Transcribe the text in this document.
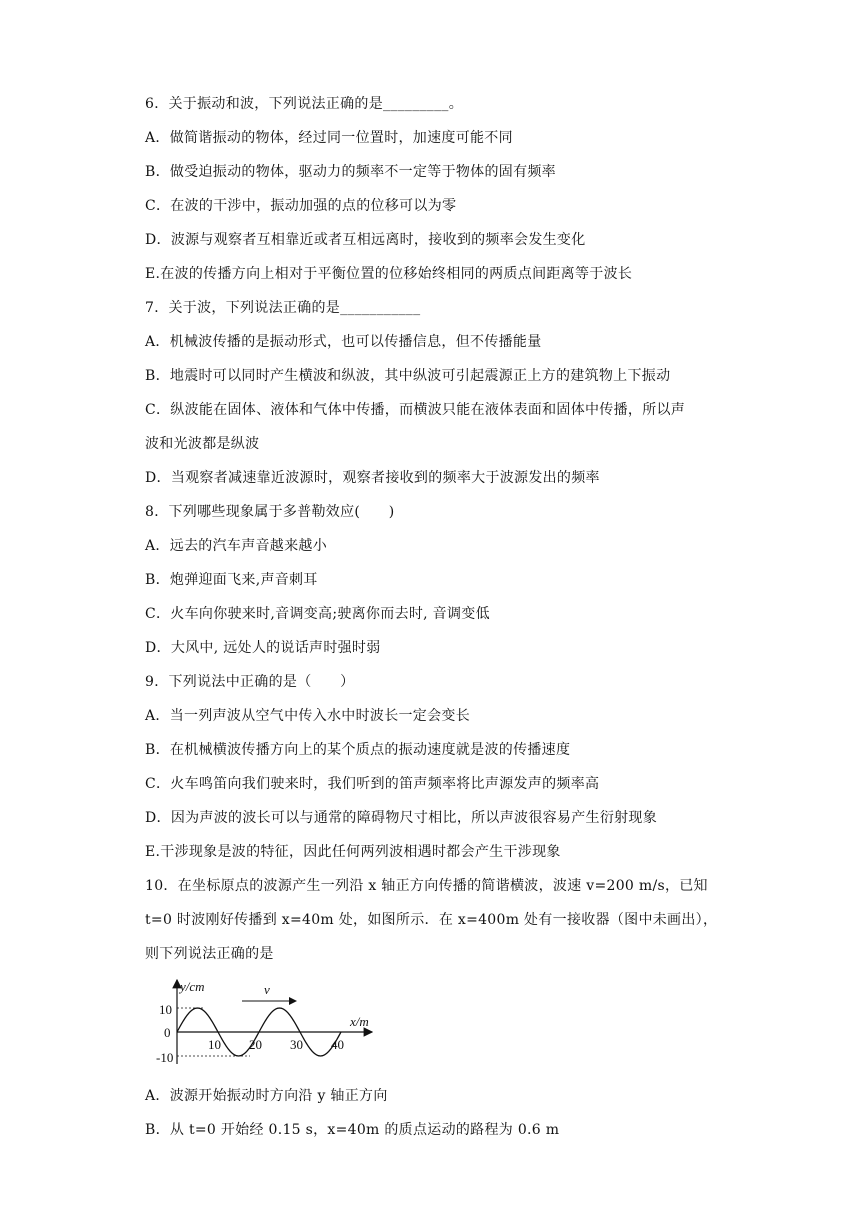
6．关于振动和波，下列说法正确的是_________。
A．做简谐振动的物体，经过同一位置时，加速度可能不同
B．做受迫振动的物体，驱动力的频率不一定等于物体的固有频率
C．在波的干涉中，振动加强的点的位移可以为零
D．波源与观察者互相靠近或者互相远离时，接收到的频率会发生变化
E.在波的传播方向上相对于平衡位置的位移始终相同的两质点间距离等于波长
7．关于波，下列说法正确的是___________
A．机械波传播的是振动形式，也可以传播信息，但不传播能量
B．地震时可以同时产生横波和纵波，其中纵波可引起震源正上方的建筑物上下振动
C．纵波能在固体、液体和气体中传播，而横波只能在液体表面和固体中传播，所以声
波和光波都是纵波
D．当观察者减速靠近波源时，观察者接收到的频率大于波源发出的频率
8．下列哪些现象属于多普勒效应(　　)
A．远去的汽车声音越来越小
B．炮弹迎面飞来,声音刺耳
C．火车向你驶来时,音调变高;驶离你而去时, 音调变低
D．大风中, 远处人的说话声时强时弱
9．下列说法中正确的是（　　）
A．当一列声波从空气中传入水中时波长一定会变长
B．在机械横波传播方向上的某个质点的振动速度就是波的传播速度
C．火车鸣笛向我们驶来时，我们听到的笛声频率将比声源发声的频率高
D．因为声波的波长可以与通常的障碍物尺寸相比，所以声波很容易产生衍射现象
E.干涉现象是波的特征，因此任何两列波相遇时都会产生干涉现象
10．在坐标原点的波源产生一列沿 x 轴正方向传播的简谐横波，波速 v=200 m/s，已知
t=0 时波刚好传播到 x=40m 处，如图所示．在 x=400m 处有一接收器（图中未画出），
则下列说法正确的是
v
y/cm
x/m
10
0
-10
10 20 30 40
A．波源开始振动时方向沿 y 轴正方向
B．从 t=0 开始经 0.15 s，x=40m 的质点运动的路程为 0.6 m
